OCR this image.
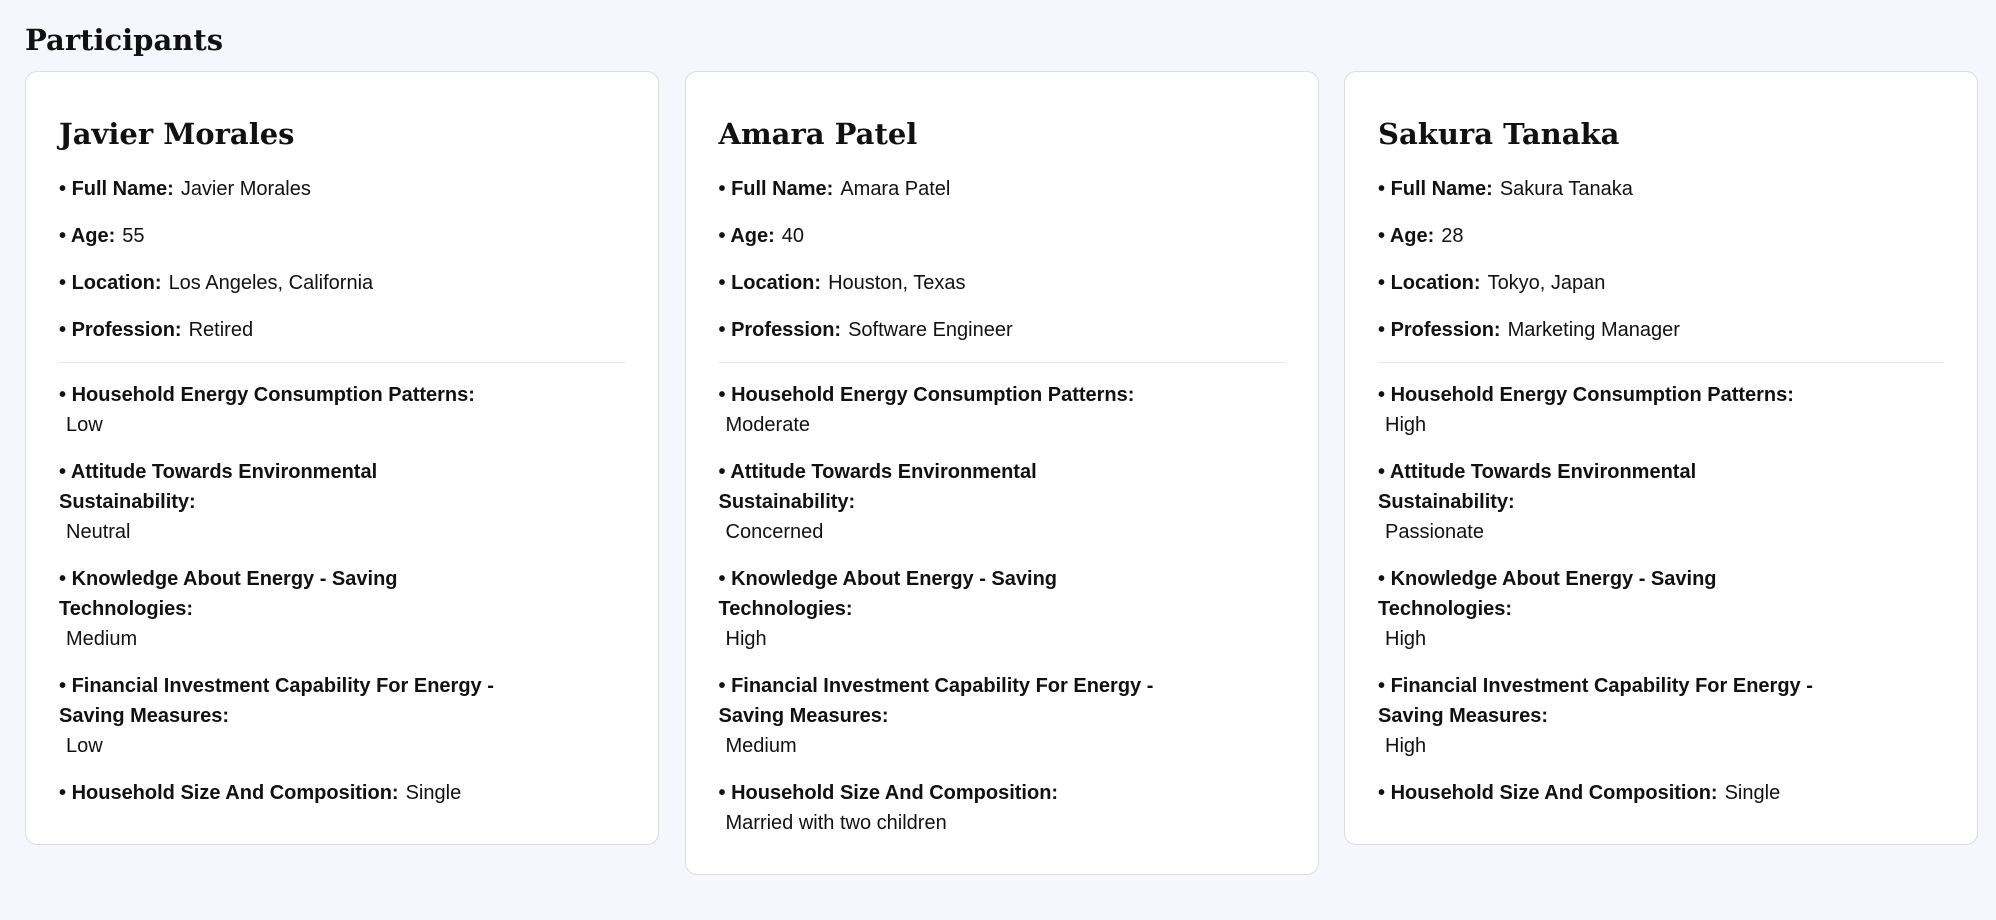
Participants
Javier Morales
• Full Name: Javier Morales
• Age: 55
• Location: Los Angeles, California
• Profession: Retired
• Household Energy Consumption Patterns:
Low
• Attitude Towards Environmental Sustainability:
Neutral
• Knowledge About Energy - Saving Technologies:
Medium
• Financial Investment Capability For Energy - Saving Measures:
Low
• Household Size And Composition: Single
Amara Patel
• Full Name: Amara Patel
• Age: 40
• Location: Houston, Texas
• Profession: Software Engineer
• Household Energy Consumption Patterns:
Moderate
• Attitude Towards Environmental Sustainability:
Concerned
• Knowledge About Energy - Saving Technologies:
High
• Financial Investment Capability For Energy - Saving Measures:
Medium
• Household Size And Composition:
Married with two children
Sakura Tanaka
• Full Name: Sakura Tanaka
• Age: 28
• Location: Tokyo, Japan
• Profession: Marketing Manager
• Household Energy Consumption Patterns:
High
• Attitude Towards Environmental Sustainability:
Passionate
• Knowledge About Energy - Saving Technologies:
High
• Financial Investment Capability For Energy - Saving Measures:
High
• Household Size And Composition: Single
